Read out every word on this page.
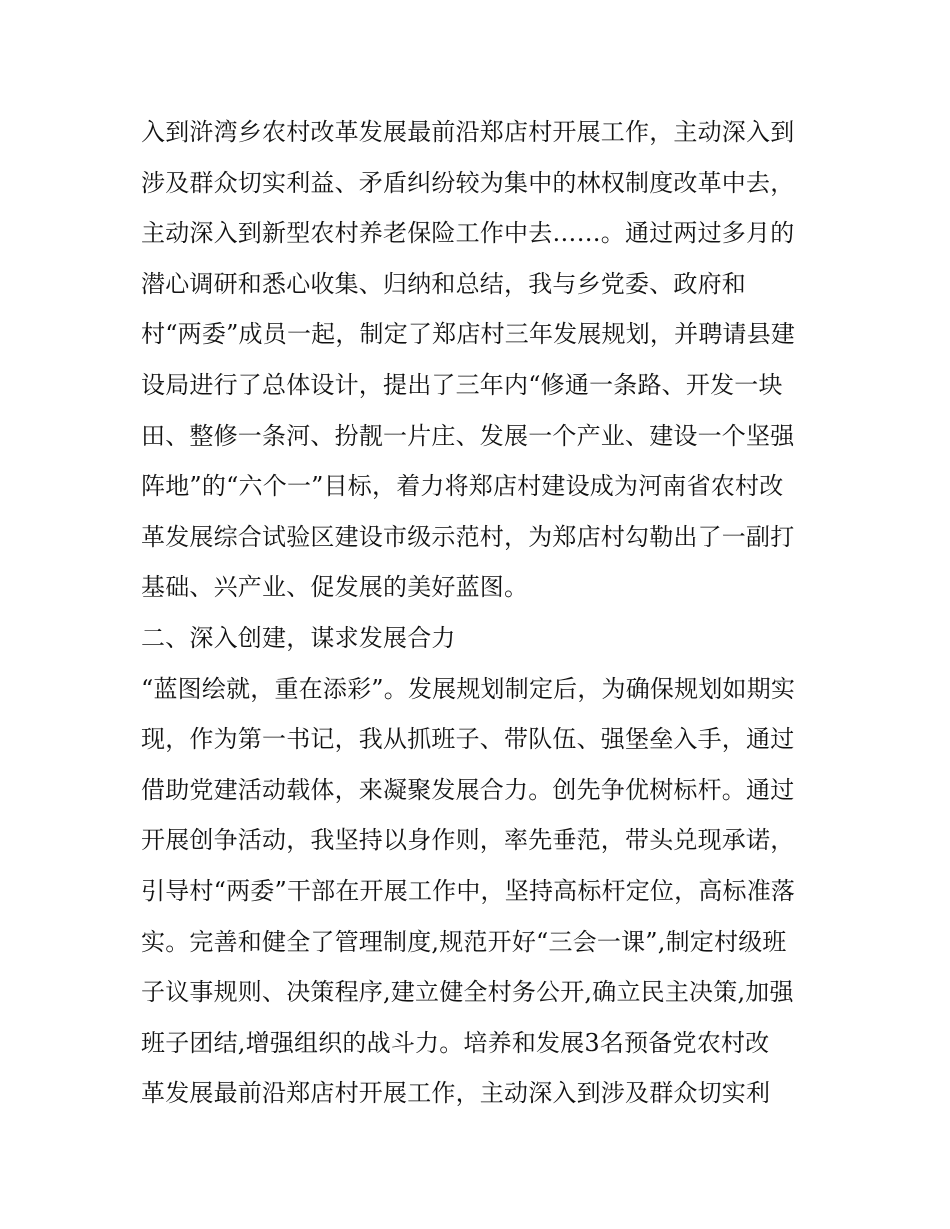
入到浒湾乡农村改革发展最前沿郑店村开展工作，主动深入到
涉及群众切实利益、矛盾纠纷较为集中的林权制度改革中去，
主动深入到新型农村养老保险工作中去……。通过两过多月的
潜心调研和悉心收集、归纳和总结，我与乡党委、政府和
村“两委”成员一起，制定了郑店村三年发展规划，并聘请县建
设局进行了总体设计，提出了三年内“修通一条路、开发一块
田、整修一条河、扮靓一片庄、发展一个产业、建设一个坚强
阵地”的“六个一”目标，着力将郑店村建设成为河南省农村改
革发展综合试验区建设市级示范村，为郑店村勾勒出了一副打
基础、兴产业、促发展的美好蓝图。
二、深入创建，谋求发展合力
“蓝图绘就，重在添彩”。发展规划制定后，为确保规划如期实
现，作为第一书记，我从抓班子、带队伍、强堡垒入手，通过
借助党建活动载体，来凝聚发展合力。创先争优树标杆。通过
开展创争活动，我坚持以身作则，率先垂范，带头兑现承诺，
引导村“两委”干部在开展工作中，坚持高标杆定位，高标准落
实。完善和健全了管理制度,规范开好“三会一课”,制定村级班
子议事规则、决策程序,建立健全村务公开,确立民主决策,加强
班子团结,增强组织的战斗力。培养和发展3名预备党农村改
革发展最前沿郑店村开展工作，主动深入到涉及群众切实利
